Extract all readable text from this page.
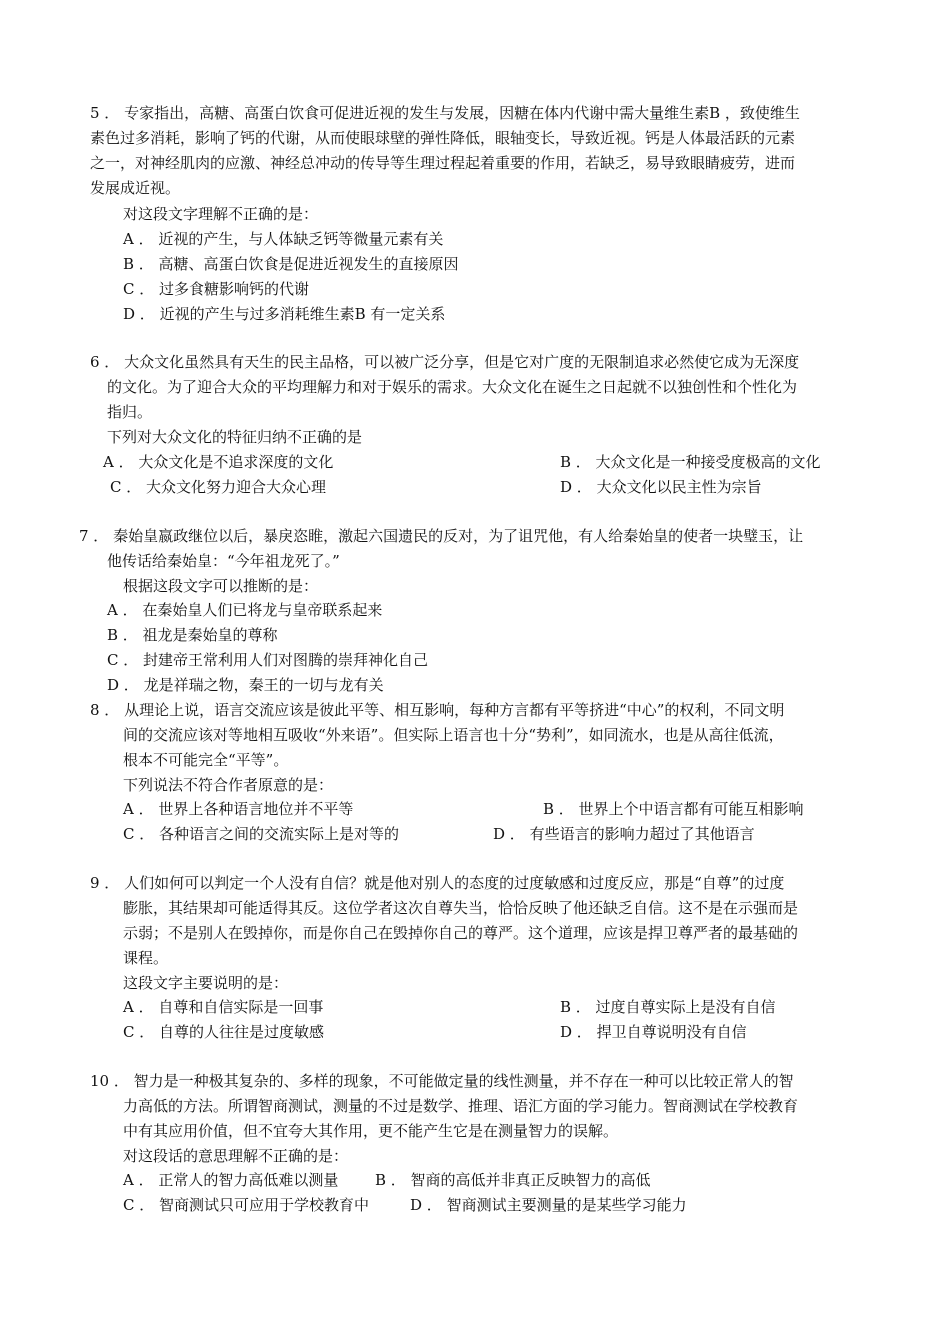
5 ． 专家指出，高糖、高蛋白饮食可促进近视的发生与发展，因糖在体内代谢中需大量维生素B ，致使维生
素色过多消耗，影响了钙的代谢，从而使眼球壁的弹性降低，眼轴变长，导致近视。钙是人体最活跃的元素
之一，对神经肌肉的应激、神经总冲动的传导等生理过程起着重要的作用，若缺乏，易导致眼睛疲劳，进而
发展成近视。
对这段文字理解不正确的是：
A ． 近视的产生，与人体缺乏钙等微量元素有关
B ． 高糖、高蛋白饮食是促进近视发生的直接原因
C ． 过多食糖影响钙的代谢
D ． 近视的产生与过多消耗维生素B 有一定关系
6 ． 大众文化虽然具有天生的民主品格，可以被广泛分享，但是它对广度的无限制追求必然使它成为无深度
的文化。为了迎合大众的平均理解力和对于娱乐的需求。大众文化在诞生之日起就不以独创性和个性化为
指归。
下列对大众文化的特征归纳不正确的是
A ． 大众文化是不追求深度的文化	B ． 大众文化是一种接受度极高的文化
C ． 大众文化努力迎合大众心理	D ． 大众文化以民主性为宗旨
7 ． 秦始皇嬴政继位以后，暴戾恣睢，激起六国遗民的反对，为了诅咒他，有人给秦始皇的使者一块璧玉，让
他传话给秦始皇：“今年祖龙死了。”
根据这段文字可以推断的是：
A ． 在秦始皇人们已将龙与皇帝联系起来
B ． 祖龙是秦始皇的尊称
C ． 封建帝王常利用人们对图腾的崇拜神化自己
D ． 龙是祥瑞之物，秦王的一切与龙有关
8 ． 从理论上说，语言交流应该是彼此平等、相互影响，每种方言都有平等挤进“中心”的权利，不同文明
间的交流应该对等地相互吸收“外来语”。但实际上语言也十分“势利”，如同流水，也是从高往低流，
根本不可能完全“平等”。
下列说法不符合作者原意的是：
A ． 世界上各种语言地位并不平等	B ． 世界上个中语言都有可能互相影响
C ． 各种语言之间的交流实际上是对等的	D ． 有些语言的影响力超过了其他语言
9 ． 人们如何可以判定一个人没有自信？就是他对别人的态度的过度敏感和过度反应，那是“自尊”的过度
膨胀，其结果却可能适得其反。这位学者这次自尊失当，恰恰反映了他还缺乏自信。这不是在示强而是
示弱；不是别人在毁掉你，而是你自己在毁掉你自己的尊严。这个道理，应该是捍卫尊严者的最基础的
课程。
这段文字主要说明的是：
A ． 自尊和自信实际是一回事	B ． 过度自尊实际上是没有自信
C ． 自尊的人往往是过度敏感	D ． 捍卫自尊说明没有自信
10 ． 智力是一种极其复杂的、多样的现象，不可能做定量的线性测量，并不存在一种可以比较正常人的智
力高低的方法。所谓智商测试，测量的不过是数学、推理、语汇方面的学习能力。智商测试在学校教育
中有其应用价值，但不宜夸大其作用，更不能产生它是在测量智力的误解。
对这段话的意思理解不正确的是：
A ． 正常人的智力高低难以测量 B ． 智商的高低并非真正反映智力的高低
C ． 智商测试只可应用于学校教育中	D ． 智商测试主要测量的是某些学习能力
